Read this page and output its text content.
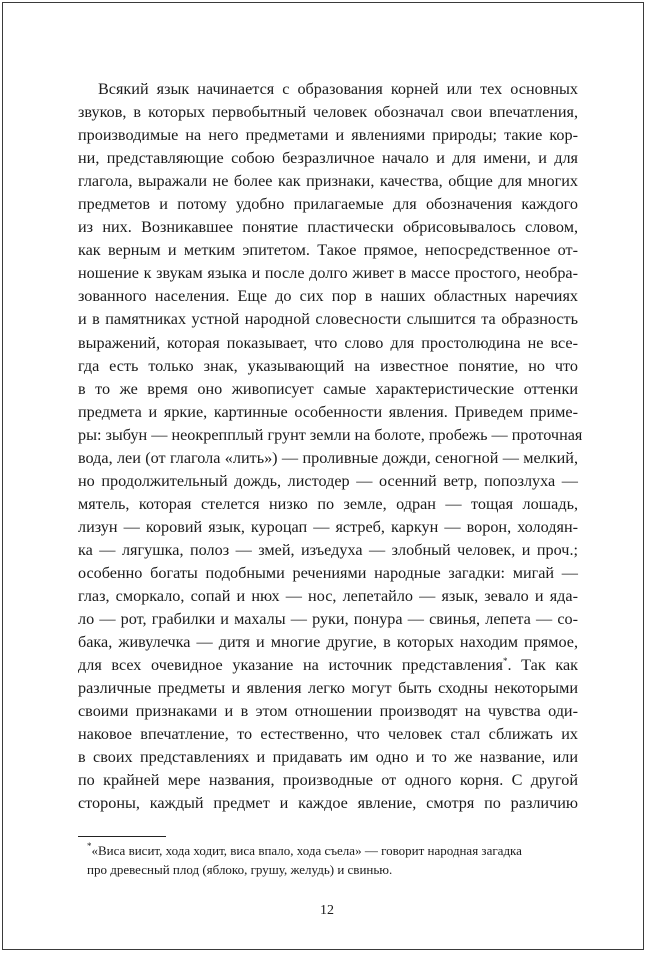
Всякий язык начинается с образования корней или тех основных
звуков, в которых первобытный человек обозначал свои впечатления,
производимые на него предметами и явлениями природы; такие кор-
ни, представляющие собою безразличное начало и для имени, и для
глагола, выражали не более как признаки, качества, общие для многих
предметов и потому удобно прилагаемые для обозначения каждого
из них. Возникавшее понятие пластически обрисовывалось словом,
как верным и метким эпитетом. Такое прямое, непосредственное от-
ношение к звукам языка и после долго живет в массе простого, необра-
зованного населения. Еще до сих пор в наших областных наречиях
и в памятниках устной народной словесности слышится та образность
выражений, которая показывает, что слово для простолюдина не все-
гда есть только знак, указывающий на известное понятие, но что
в то же время оно живописует самые характеристические оттенки
предмета и яркие, картинные особенности явления. Приведем приме-
ры: зыбун — неокрепплый грунт земли на болоте, пробежь — проточная
вода, леи (от глагола «лить») — проливные дожди, сеногной — мелкий,
но продолжительный дождь, листодер — осенний ветр, попозлуха —
мятель, которая стелется низко по земле, одран — тощая лошадь,
лизун — коровий язык, куроцап — ястреб, каркун — ворон, холодян-
ка — лягушка, полоз — змей, изъедуха — злобный человек, и проч.;
особенно богаты подобными речениями народные загадки: мигай —
глаз, сморкало, сопай и нюх — нос, лепетайло — язык, зевало и яда-
ло — рот, грабилки и махалы — руки, понура — свинья, лепета — со-
бака, живулечка — дитя и многие другие, в которых находим прямое,
для всех очевидное указание на источник представления*. Так как
различные предметы и явления легко могут быть сходны некоторыми
своими признаками и в этом отношении производят на чувства оди-
наковое впечатление, то естественно, что человек стал сближать их
в своих представлениях и придавать им одно и то же название, или
по крайней мере названия, производные от одного корня. С другой
стороны, каждый предмет и каждое явление, смотря по различию
*«Виса висит, хода ходит, виса впало, хода съела» — говорит народная загадка
про древесный плод (яблоко, грушу, желудь) и свинью.
12
